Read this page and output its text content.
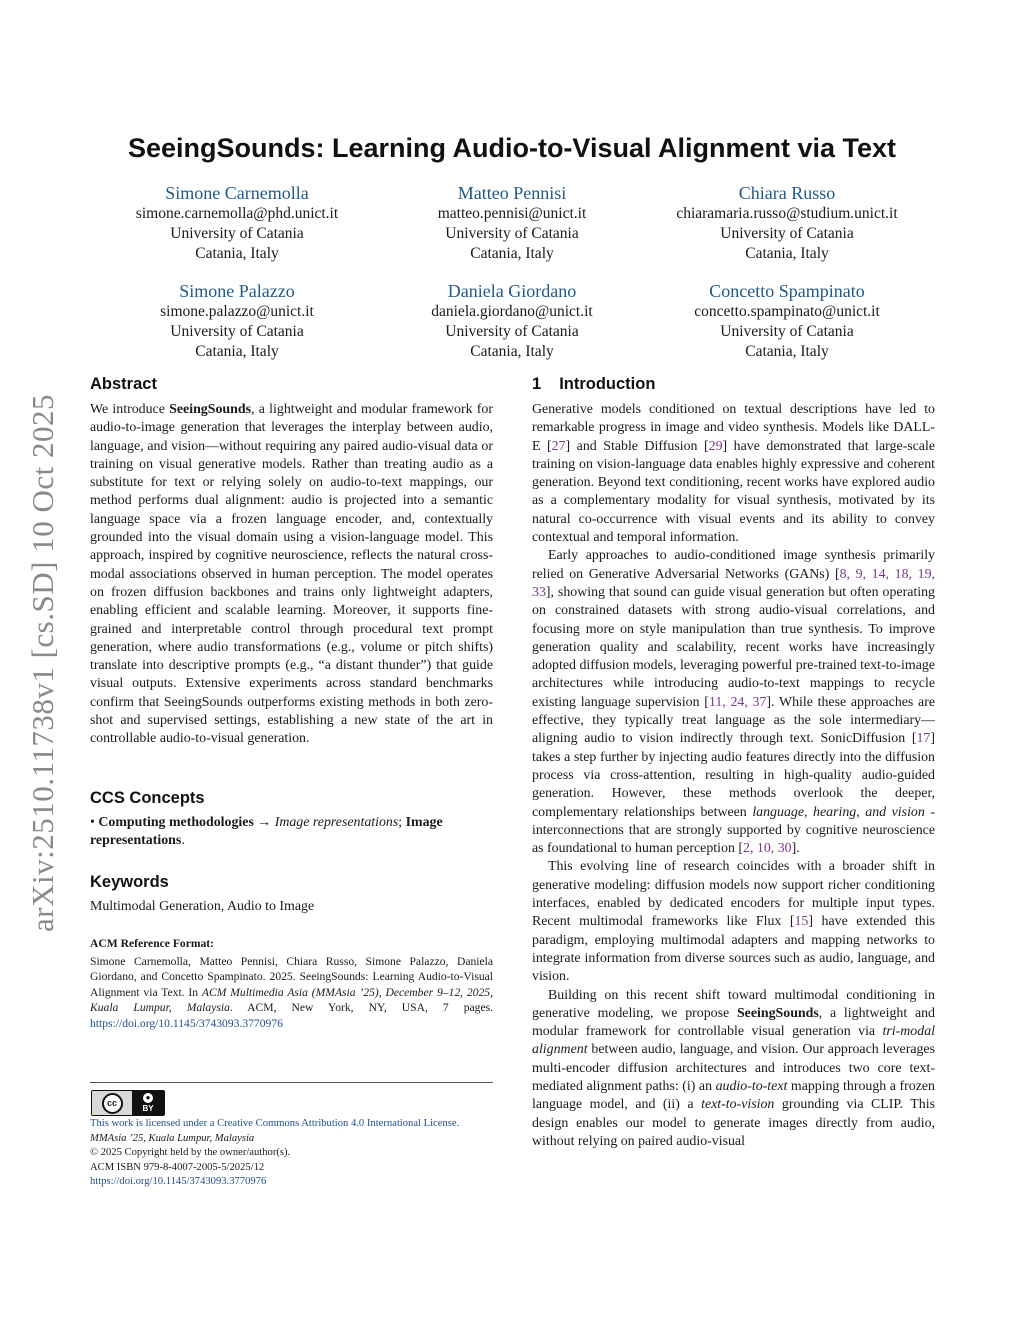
arXiv:2510.11738v1 [cs.SD] 10 Oct 2025
SeeingSounds: Learning Audio-to-Visual Alignment via Text
Simone Carnemolla
simone.carnemolla@phd.unict.it
University of Catania
Catania, Italy
Matteo Pennisi
matteo.pennisi@unict.it
University of Catania
Catania, Italy
Chiara Russo
chiaramaria.russo@studium.unict.it
University of Catania
Catania, Italy
Simone Palazzo
simone.palazzo@unict.it
University of Catania
Catania, Italy
Daniela Giordano
daniela.giordano@unict.it
University of Catania
Catania, Italy
Concetto Spampinato
concetto.spampinato@unict.it
University of Catania
Catania, Italy
Abstract

We introduce SeeingSounds, a lightweight and modular framework for audio-to-image generation that leverages the interplay between audio, language, and vision—without requiring any paired audio-visual data or training on visual generative models. Rather than treating audio as a substitute for text or relying solely on audio-to-text mappings, our method performs dual alignment: audio is projected into a semantic language space via a frozen language encoder, and, contextually grounded into the visual domain using a vision-language model. This approach, inspired by cognitive neuroscience, reflects the natural cross-modal associations observed in human perception. The model operates on frozen diffusion backbones and trains only lightweight adapters, enabling efficient and scalable learning. Moreover, it supports fine-grained and interpretable control through procedural text prompt generation, where audio transformations (e.g., volume or pitch shifts) translate into descriptive prompts (e.g., “a distant thunder”) that guide visual outputs. Extensive experiments across standard benchmarks confirm that SeeingSounds outperforms existing methods in both zero-shot and supervised settings, establishing a new state of the art in controllable audio-to-visual generation.

CCS Concepts

• Computing methodologies → Image representations; Image representations.

Keywords

Multimodal Generation, Audio to Image

ACM Reference Format:
Simone Carnemolla, Matteo Pennisi, Chiara Russo, Simone Palazzo, Daniela Giordano, and Concetto Spampinato. 2025. SeeingSounds: Learning Audio-to-Visual Alignment via Text. In ACM Multimedia Asia (MMAsia ’25), December 9–12, 2025, Kuala Lumpur, Malaysia. ACM, New York, NY, USA, 7 pages. https://doi.org/10.1145/3743093.3770976
cc	●
BY
This work is licensed under a Creative Commons Attribution 4.0 International License.
MMAsia ’25, Kuala Lumpur, Malaysia
© 2025 Copyright held by the owner/author(s).
ACM ISBN 979-8-4007-2005-5/2025/12
https://doi.org/10.1145/3743093.3770976
1 Introduction

Generative models conditioned on textual descriptions have led to remarkable progress in image and video synthesis. Models like DALL-E [27] and Stable Diffusion [29] have demonstrated that large-scale training on vision-language data enables highly expressive and coherent generation. Beyond text conditioning, recent works have explored audio as a complementary modality for visual synthesis, motivated by its natural co-occurrence with visual events and its ability to convey contextual and temporal information.

Early approaches to audio-conditioned image synthesis primarily relied on Generative Adversarial Networks (GANs) [8, 9, 14, 18, 19, 33], showing that sound can guide visual generation but often operating on constrained datasets with strong audio-visual correlations, and focusing more on style manipulation than true synthesis. To improve generation quality and scalability, recent works have increasingly adopted diffusion models, leveraging powerful pre-trained text-to-image architectures while introducing audio-to-text mappings to recycle existing language supervision [11, 24, 37]. While these approaches are effective, they typically treat language as the sole intermediary—aligning audio to vision indirectly through text. SonicDiffusion [17] takes a step further by injecting audio features directly into the diffusion process via cross-attention, resulting in high-quality audio-guided generation. However, these methods overlook the deeper, complementary relationships between language, hearing, and vision - interconnections that are strongly supported by cognitive neuroscience as foundational to human perception [2, 10, 30].

This evolving line of research coincides with a broader shift in generative modeling: diffusion models now support richer conditioning interfaces, enabled by dedicated encoders for multiple input types. Recent multimodal frameworks like Flux [15] have extended this paradigm, employing multimodal adapters and mapping networks to integrate information from diverse sources such as audio, language, and vision.

Building on this recent shift toward multimodal conditioning in generative modeling, we propose SeeingSounds, a lightweight and modular framework for controllable visual generation via tri-modal alignment between audio, language, and vision. Our approach leverages multi-encoder diffusion architectures and introduces two core text-mediated alignment paths: (i) an audio-to-text mapping through a frozen language model, and (ii) a text-to-vision grounding via CLIP. This design enables our model to generate images directly from audio, without relying on paired audio-visual
